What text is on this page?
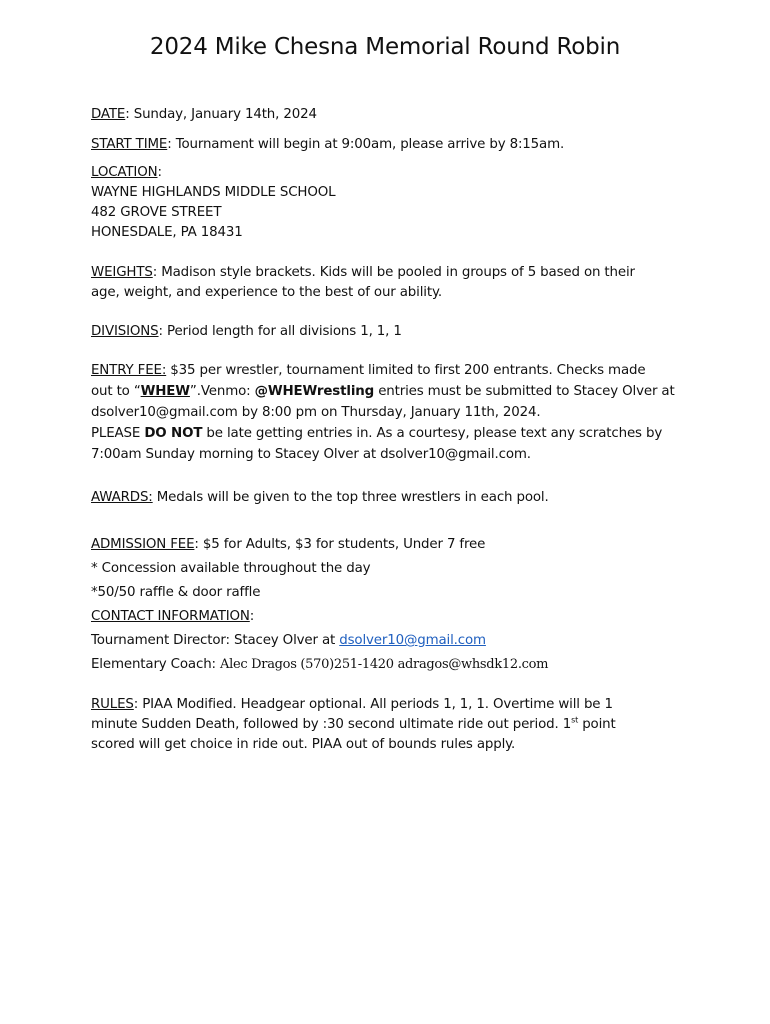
2024 Mike Chesna Memorial Round Robin
DATE: Sunday, January 14th, 2024
START TIME: Tournament will begin at 9:00am, please arrive by 8:15am.
LOCATION:
WAYNE HIGHLANDS MIDDLE SCHOOL
482 GROVE STREET
HONESDALE, PA 18431
WEIGHTS: Madison style brackets. Kids will be pooled in groups of 5 based on their
age, weight, and experience to the best of our ability.
DIVISIONS: Period length for all divisions 1, 1, 1
ENTRY FEE: $35 per wrestler, tournament limited to first 200 entrants. Checks made
out to “WHEW”.Venmo: @WHEWrestling entries must be submitted to Stacey Olver at
dsolver10@gmail.com by 8:00 pm on Thursday, January 11th, 2024.
PLEASE DO NOT be late getting entries in. As a courtesy, please text any scratches by
7:00am Sunday morning to Stacey Olver at dsolver10@gmail.com.
AWARDS: Medals will be given to the top three wrestlers in each pool.
ADMISSION FEE: $5 for Adults, $3 for students, Under 7 free
* Concession available throughout the day
*50/50 raffle & door raffle
CONTACT INFORMATION:
Tournament Director: Stacey Olver at dsolver10@gmail.com
Elementary Coach: Alec Dragos (570)251-1420 adragos@whsdk12.com
RULES: PIAA Modified. Headgear optional. All periods 1, 1, 1. Overtime will be 1
minute Sudden Death, followed by :30 second ultimate ride out period. 1st point
scored will get choice in ride out. PIAA out of bounds rules apply.
